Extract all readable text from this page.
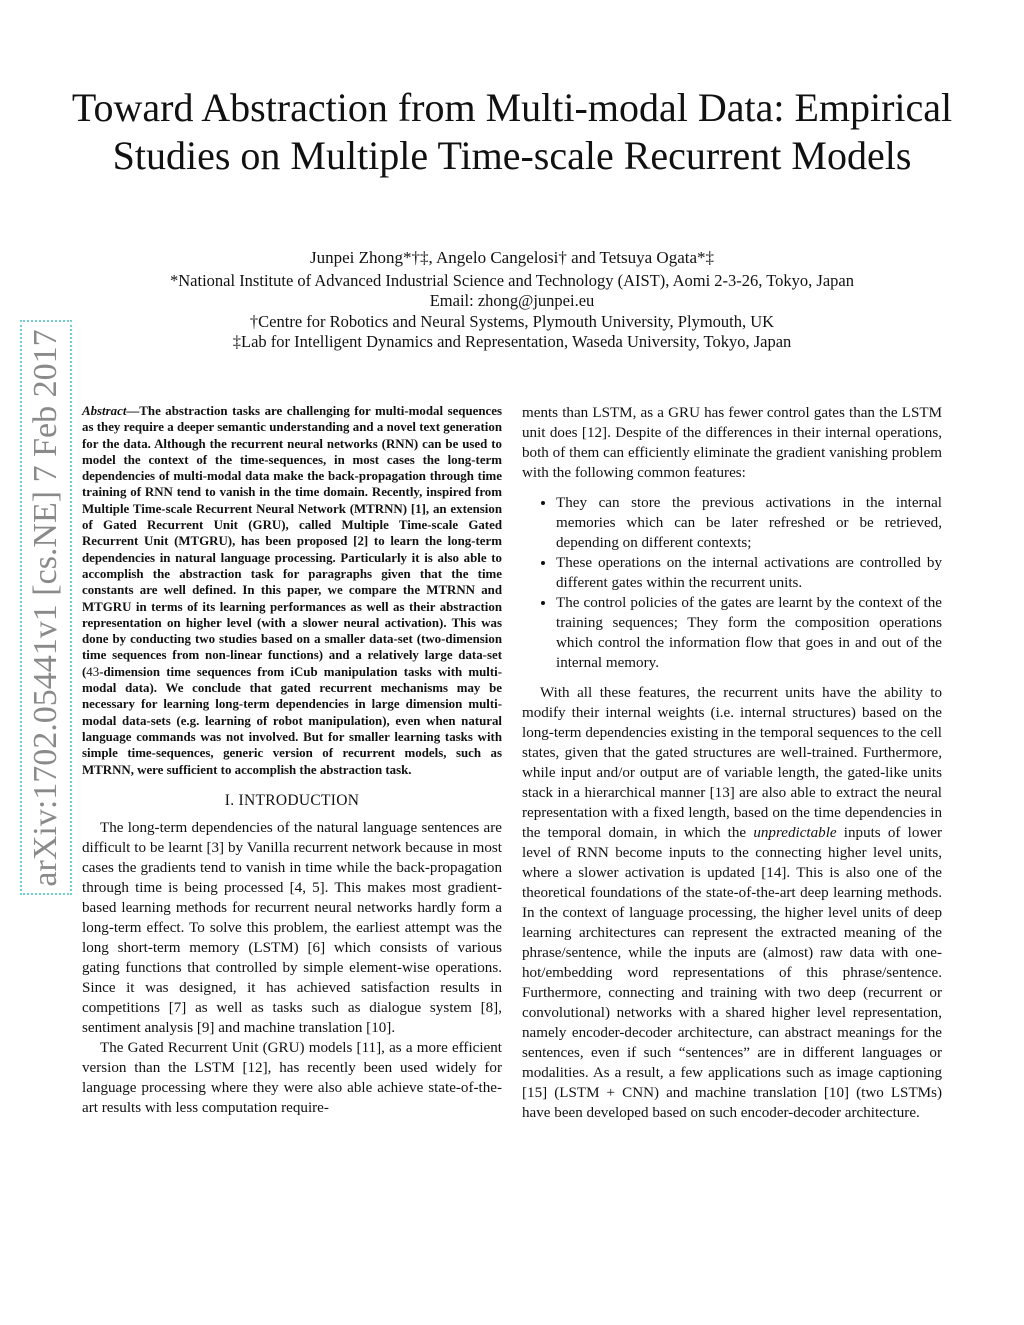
Toward Abstraction from Multi-modal Data: Empirical Studies on Multiple Time-scale Recurrent Models
Junpei Zhong*†‡, Angelo Cangelosi† and Tetsuya Ogata*‡
*National Institute of Advanced Industrial Science and Technology (AIST), Aomi 2-3-26, Tokyo, Japan
Email: zhong@junpei.eu
†Centre for Robotics and Neural Systems, Plymouth University, Plymouth, UK
‡Lab for Intelligent Dynamics and Representation, Waseda University, Tokyo, Japan
arXiv:1702.05441v1 [cs.NE] 7 Feb 2017 Abstract—The abstraction tasks are challenging for multi-modal sequences as they require a deeper semantic understanding and a novel text generation for the data. Although the recurrent neural networks (RNN) can be used to model the context of the time-sequences, in most cases the long-term dependencies of multi-modal data make the back-propagation through time training of RNN tend to vanish in the time domain. Recently, inspired from Multiple Time-scale Recurrent Neural Network (MTRNN) [1], an extension of Gated Recurrent Unit (GRU), called Multiple Time-scale Gated Recurrent Unit (MTGRU), has been proposed [2] to learn the long-term dependencies in natural language processing. Particularly it is also able to accomplish the abstraction task for paragraphs given that the time constants are well defined. In this paper, we compare the MTRNN and MTGRU in terms of its learning performances as well as their abstraction representation on higher level (with a slower neural activation). This was done by conducting two studies based on a smaller data-set (two-dimension time sequences from non-linear functions) and a relatively large data-set (43-dimension time sequences from iCub manipulation tasks with multi-modal data). We conclude that gated recurrent mechanisms may be necessary for learning long-term dependencies in large dimension multi-modal data-sets (e.g. learning of robot manipulation), even when natural language commands was not involved. But for smaller learning tasks with simple time-sequences, generic version of recurrent models, such as MTRNN, were sufficient to accomplish the abstraction task.

I. INTRODUCTION

The long-term dependencies of the natural language sentences are difficult to be learnt [3] by Vanilla recurrent network because in most cases the gradients tend to vanish in time while the back-propagation through time is being processed [4, 5]. This makes most gradient-based learning methods for recurrent neural networks hardly form a long-term effect. To solve this problem, the earliest attempt was the long short-term memory (LSTM) [6] which consists of various gating functions that controlled by simple element-wise operations. Since it was designed, it has achieved satisfaction results in competitions [7] as well as tasks such as dialogue system [8], sentiment analysis [9] and machine translation [10].

The Gated Recurrent Unit (GRU) models [11], as a more efficient version than the LSTM [12], has recently been used widely for language processing where they were also able achieve state-of-the-art results with less computation require-

ments than LSTM, as a GRU has fewer control gates than the LSTM unit does [12]. Despite of the differences in their internal operations, both of them can efficiently eliminate the gradient vanishing problem with the following common features:

• They can store the previous activations in the internal memories which can be later refreshed or be retrieved, depending on different contexts;
• These operations on the internal activations are controlled by different gates within the recurrent units.
• The control policies of the gates are learnt by the context of the training sequences; They form the composition operations which control the information flow that goes in and out of the internal memory.

With all these features, the recurrent units have the ability to modify their internal weights (i.e. internal structures) based on the long-term dependencies existing in the temporal sequences to the cell states, given that the gated structures are well-trained. Furthermore, while input and/or output are of variable length, the gated-like units stack in a hierarchical manner [13] are also able to extract the neural representation with a fixed length, based on the time dependencies in the temporal domain, in which the unpredictable inputs of lower level of RNN become inputs to the connecting higher level units, where a slower activation is updated [14]. This is also one of the theoretical foundations of the state-of-the-art deep learning methods. In the context of language processing, the higher level units of deep learning architectures can represent the extracted meaning of the phrase/sentence, while the inputs are (almost) raw data with one-hot/embedding word representations of this phrase/sentence. Furthermore, connecting and training with two deep (recurrent or convolutional) networks with a shared higher level representation, namely encoder-decoder architecture, can abstract meanings for the sentences, even if such “sentences” are in different languages or modalities. As a result, a few applications such as image captioning [15] (LSTM + CNN) and machine translation [10] (two LSTMs) have been developed based on such encoder-decoder architecture.
